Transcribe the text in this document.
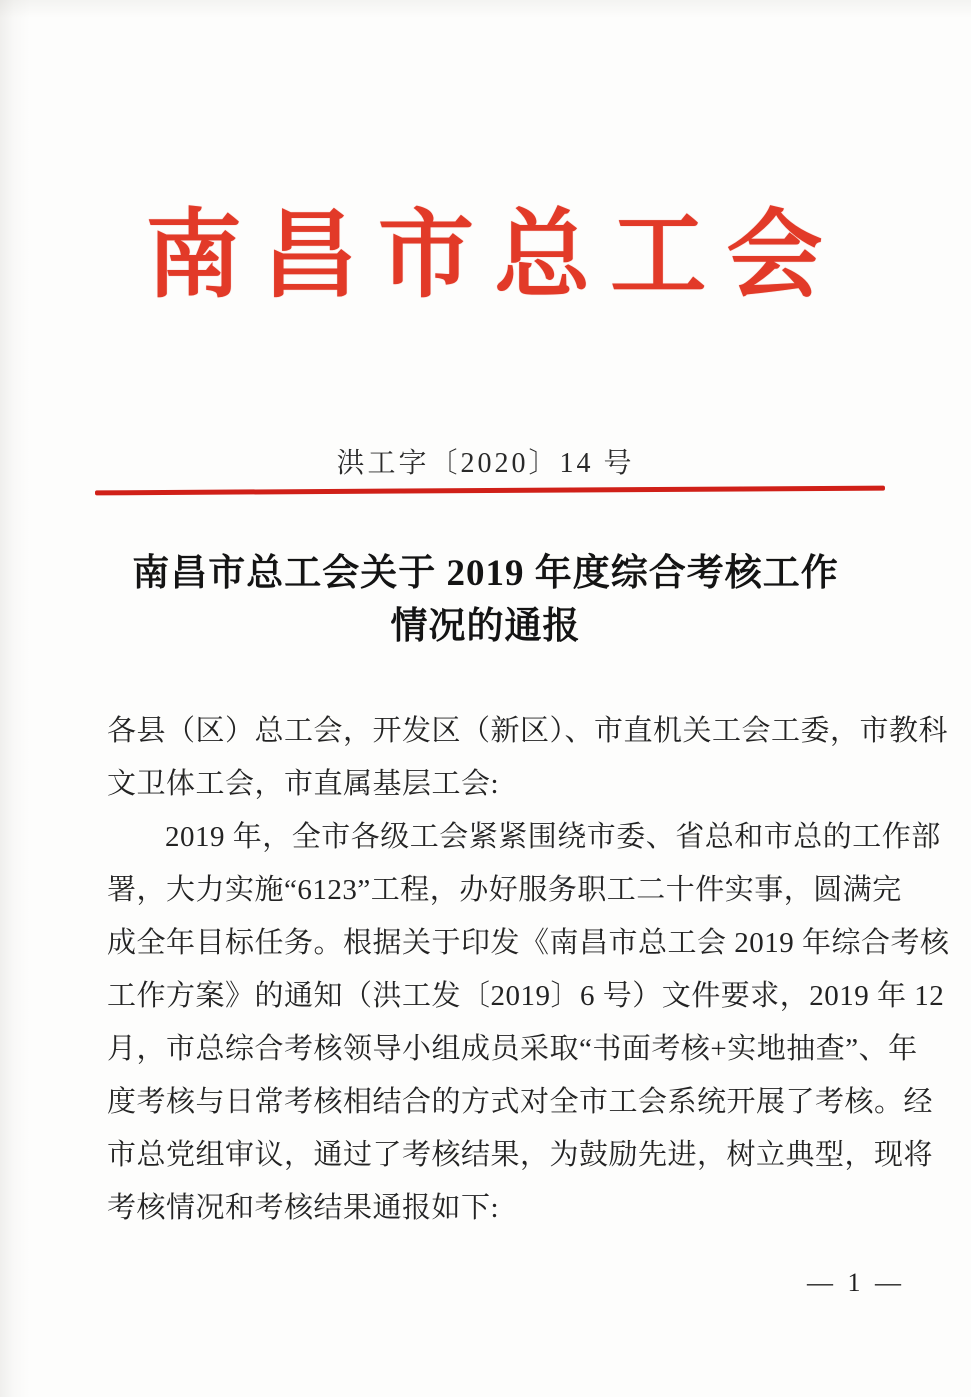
南昌市总工会
洪工字〔2020〕14 号
南昌市总工会关于 2019 年度综合考核工作
情况的通报
各县（区）总工会，开发区（新区）、市直机关工会工委，市教科
文卫体工会，市直属基层工会:
2019 年，全市各级工会紧紧围绕市委、省总和市总的工作部
署，大力实施“6123”工程，办好服务职工二十件实事，圆满完
成全年目标任务。根据关于印发《南昌市总工会 2019 年综合考核
工作方案》的通知（洪工发〔2019〕6 号）文件要求，2019 年 12
月，市总综合考核领导小组成员采取“书面考核+实地抽查”、年
度考核与日常考核相结合的方式对全市工会系统开展了考核。经
市总党组审议，通过了考核结果，为鼓励先进，树立典型，现将
考核情况和考核结果通报如下:
— 1 —
